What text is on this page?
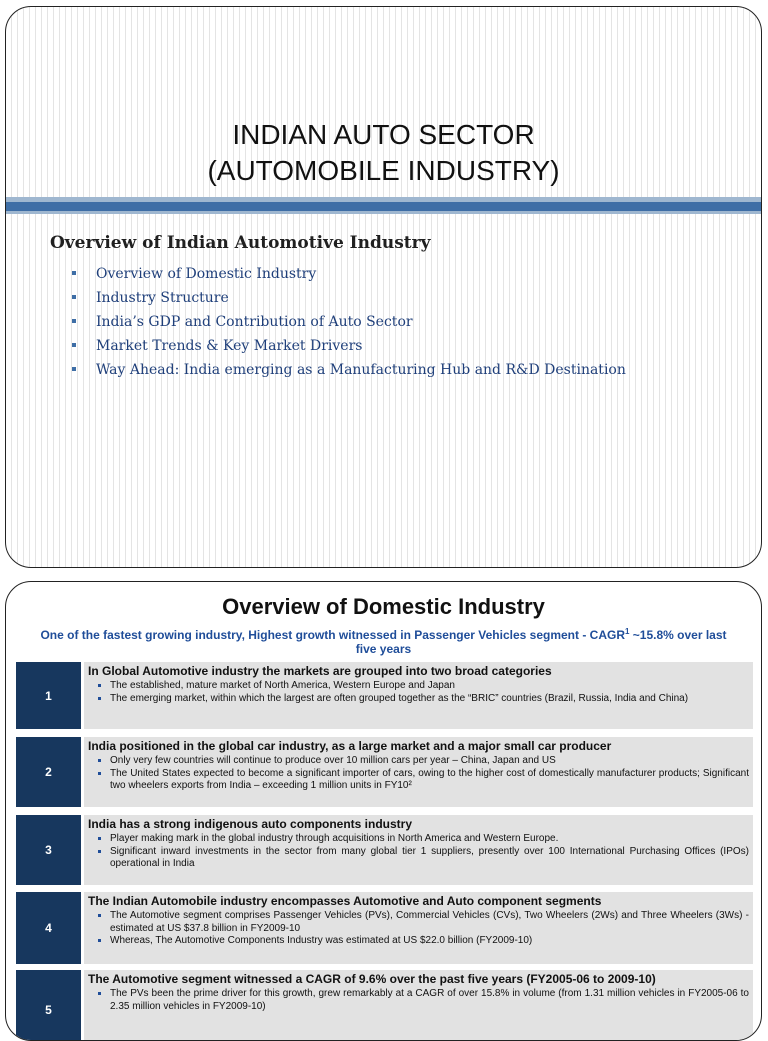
INDIAN AUTO SECTOR
(AUTOMOBILE INDUSTRY)
Overview of Indian Automotive Industry
Overview of Domestic Industry
Industry Structure
India’s GDP and Contribution of Auto Sector
Market Trends & Key Market Drivers
Way Ahead: India emerging as a Manufacturing Hub and R&D Destination
Overview of Domestic Industry
One of the fastest growing industry, Highest growth witnessed in Passenger Vehicles segment - CAGR$^1$ ~15.8% over last five years
1
In Global Automotive industry the markets are grouped into two broad categories
The established, mature market of North America, Western Europe and Japan
The emerging market, within which the largest are often grouped together as the “BRIC” countries (Brazil, Russia, India and China)
2
India positioned in the global car industry, as a large market and a major small car producer
Only very few countries will continue to produce over 10 million cars per year – China, Japan and US
The United States expected to become a significant importer of cars, owing to the higher cost of domestically manufacturer products; Significant two wheelers exports from India – exceeding 1 million units in FY10²
3
India has a strong indigenous auto components industry
Player making mark in the global industry through acquisitions in North America and Western Europe.
Significant inward investments in the sector from many global tier 1 suppliers, presently over 100 International Purchasing Offices (IPOs) operational in India
4
The Indian Automobile industry encompasses Automotive and Auto component segments
The Automotive segment comprises Passenger Vehicles (PVs), Commercial Vehicles (CVs), Two Wheelers (2Ws) and Three Wheelers (3Ws) - estimated at US $37.8 billion in FY2009-10
Whereas, The Automotive Components Industry was estimated at US $22.0 billion (FY2009-10)
5
The Automotive segment witnessed a CAGR of 9.6% over the past five years (FY2005-06 to 2009-10)
The PVs been the prime driver for this growth, grew remarkably at a CAGR of over 15.8% in volume (from 1.31 million vehicles in FY2005-06 to 2.35 million vehicles in FY2009-10)
